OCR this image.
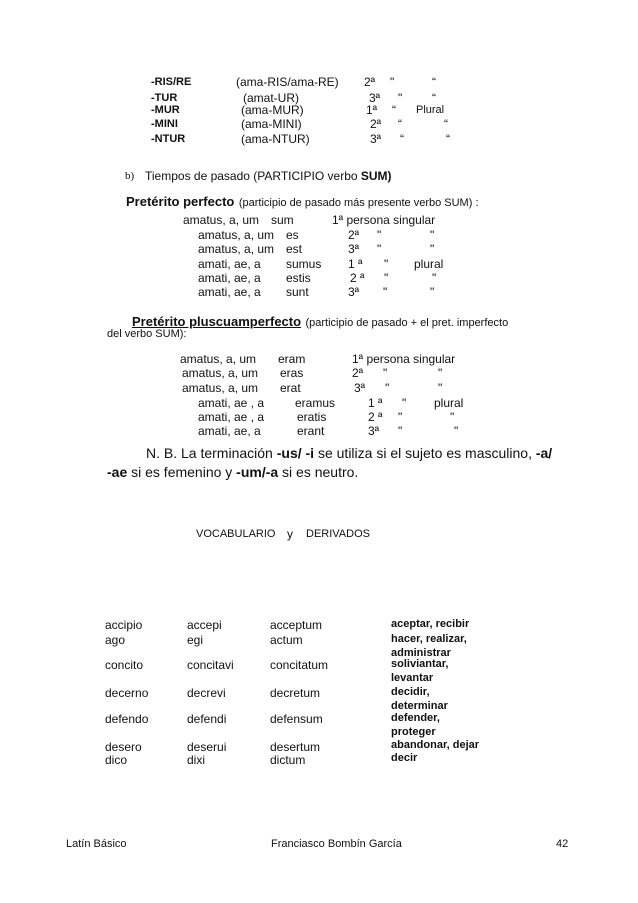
-RIS/RE	(ama-RIS/ama-RE) 2ª "	“
-TUR	(amat-UR)	3ª " “
-MUR	(ama-MUR)	1ª “ Plural
-MINI	(ama-MINI)	2ª “	“
-NTUR	(ama-NTUR)	3ª “	“
b) Tiempos de pasado (PARTICIPIO verbo SUM)
Pretérito perfecto (participio de pasado más presente verbo SUM) :
amatus, a, um sum	1ª persona singular
amatus, a, um es	2ª "	"
amatus, a, um est	3ª "	"
amati, ae, a sumus 1 ª " plural
amati, ae, a estis	2 ª "	"
amati, ae, a sunt	3ª "	"
Pretérito pluscuamperfecto (participio de pasado + el pret. imperfecto
del verbo SUM):
amatus, a, um eram	1ª persona singular
amatus, a, um eras	2ª "	"
amatus, a, um erat	3ª "	"
amati, ae , a	eramus	1 ª " plural
amati, ae , a	eratis	2 ª "	"
amati, ae, a	erant	3ª "	"
N. B. La terminación -us/ -i se utiliza si el sujeto es masculino, -a/
-ae si es femenino y -um/-a si es neutro.
VOCABULARIO y DERIVADOS
accipio	accepi	acceptum	aceptar, recibir
ago	egi	actum	hacer, realizar, administrar
concito	concitavi	concitatum	soliviantar, levantar
decerno	decrevi	decretum	decidir, determinar
defendo	defendi	defensum	defender, proteger
desero	deserui	desertum	abandonar, dejar
dico	dixi	dictum	decir
Latín Básico	Franciasco Bombín García	42
